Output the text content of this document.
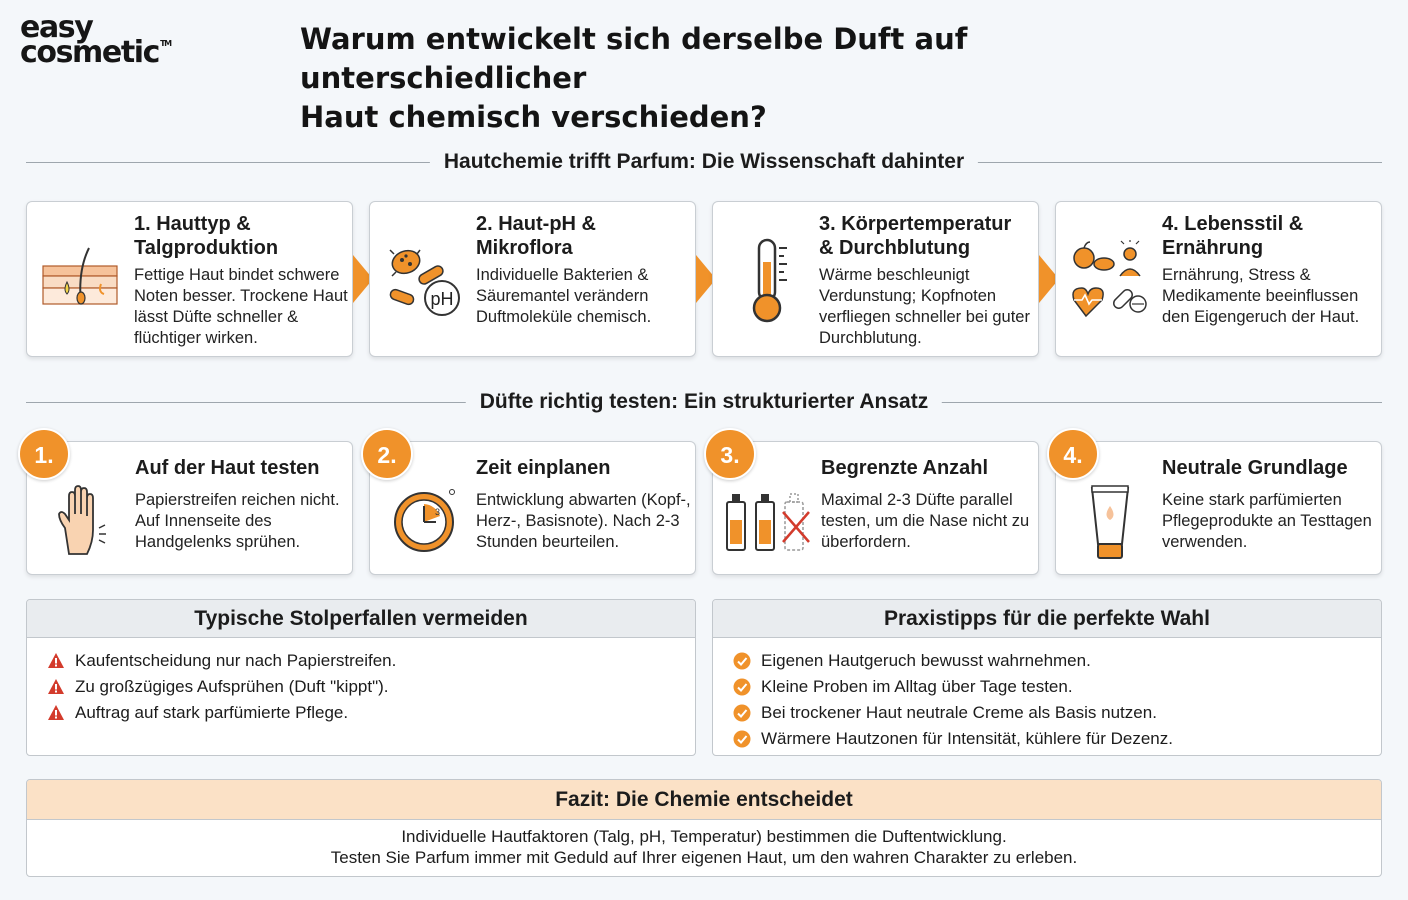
easy
cosmetic™	Warum entwickelt sich derselbe Duft auf unterschiedlicher
Haut chemisch verschieden?
Hautchemie trifft Parfum: Die Wissenschaft dahinter
1. Hauttyp &
Talgproduktion

Fettige Haut bindet schwere Noten besser. Trockene Haut lässt Düfte schneller & flüchtiger wirken.

pH
2. Haut-pH &
Mikroflora

Individuelle Bakterien & Säuremantel verändern Duftmoleküle chemisch.

3. Körpertemperatur
& Durchblutung

Wärme beschleunigt Verdunstung; Kopfnoten verfliegen schneller bei guter Durchblutung.

4. Lebensstil &
Ernährung

Ernährung, Stress & Medikamente beeinflussen den Eigengeruch der Haut.

Düfte richtig testen: Ein strukturierter Ansatz
Auf der Haut testen

Papierstreifen reichen nicht. Auf Innenseite des Handgelenks sprühen.

1.
3
Zeit einplanen

Entwicklung abwarten (Kopf-, Herz-, Basisnote). Nach 2-3 Stunden beurteilen.

2.	Begrenzte Anzahl

Maximal 2-3 Düfte parallel testen, um die Nase nicht zu überfordern.

3.	Neutrale Grundlage

Keine stark parfümierten Pflegeprodukte an Testtagen verwenden.

4.
Typische Stolperfallen vermeiden
Kaufentscheidung nur nach Papierstreifen.
Zu großzügiges Aufsprühen (Duft "kippt").
Auftrag auf stark parfümierte Pflege.
Praxistipps für die perfekte Wahl
Eigenen Hautgeruch bewusst wahrnehmen.
Kleine Proben im Alltag über Tage testen.
Bei trockener Haut neutrale Creme als Basis nutzen.
Wärmere Hautzonen für Intensität, kühlere für Dezenz.
Fazit: Die Chemie entscheidet
Individuelle Hautfaktoren (Talg, pH, Temperatur) bestimmen die Duftentwicklung.
Testen Sie Parfum immer mit Geduld auf Ihrer eigenen Haut, um den wahren Charakter zu erleben.
